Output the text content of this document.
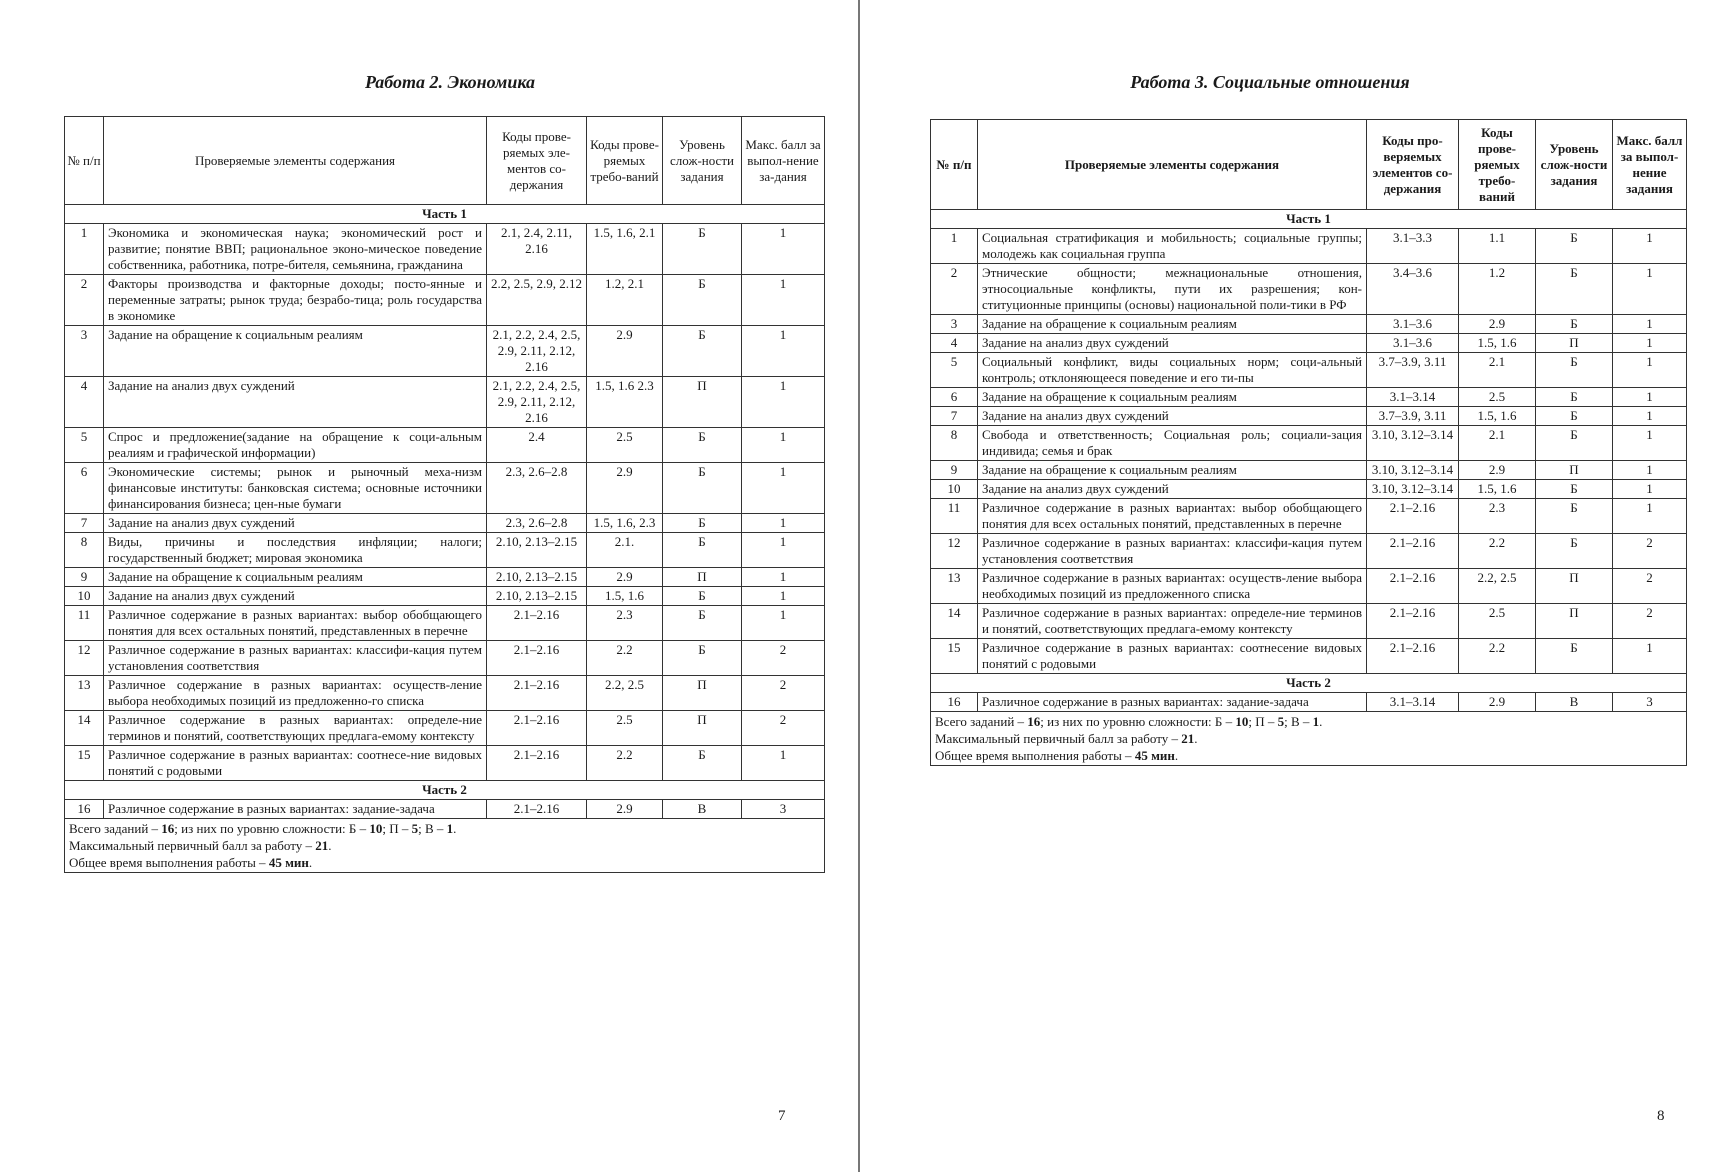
Работа 2. Экономика
№ п/п	Проверяемые элементы содержания	Коды прове-ряемых эле-ментов со-держания	Коды прове-ряемых требо-ваний	Уровень слож-ности задания	Макс. балл за выпол-нение за-дания
Часть 1					
1	Экономика и экономическая наука; экономический рост и развитие; понятие ВВП; рациональное эконо-мическое поведение собственника, работника, потре-бителя, семьянина, гражданина	2.1, 2.4, 2.11, 2.16	1.5, 1.6, 2.1	Б	1
2	Факторы производства и факторные доходы; посто-янные и переменные затраты; рынок труда; безрабо-тица; роль государства в экономике	2.2, 2.5, 2.9, 2.12	1.2, 2.1	Б	1
3	Задание на обращение к социальным реалиям	2.1, 2.2, 2.4, 2.5, 2.9, 2.11, 2.12, 2.16	2.9	Б	1
4	Задание на анализ двух суждений	2.1, 2.2, 2.4, 2.5, 2.9, 2.11, 2.12, 2.16	1.5, 1.6 2.3	П	1
5	Спрос и предложение(задание на обращение к соци-альным реалиям и графической информации)	2.4	2.5	Б	1
6	Экономические системы; рынок и рыночный меха-низм финансовые институты: банковская система; основные источники финансирования бизнеса; цен-ные бумаги	2.3, 2.6–2.8	2.9	Б	1
7	Задание на анализ двух суждений	2.3, 2.6–2.8	1.5, 1.6, 2.3	Б	1
8	Виды, причины и последствия инфляции; налоги; государственный бюджет; мировая экономика	2.10, 2.13–2.15	2.1.	Б	1
9	Задание на обращение к социальным реалиям	2.10, 2.13–2.15	2.9	П	1
10	Задание на анализ двух суждений	2.10, 2.13–2.15	1.5, 1.6	Б	1
11	Различное содержание в разных вариантах: выбор обобщающего понятия для всех остальных понятий, представленных в перечне	2.1–2.16	2.3	Б	1
12	Различное содержание в разных вариантах: классифи-кация путем установления соответствия	2.1–2.16	2.2	Б	2
13	Различное содержание в разных вариантах: осуществ-ление выбора необходимых позиций из предложенно-го списка	2.1–2.16	2.2, 2.5	П	2
14	Различное содержание в разных вариантах: определе-ние терминов и понятий, соответствующих предлага-емому контексту	2.1–2.16	2.5	П	2
15	Различное содержание в разных вариантах: соотнесе-ние видовых понятий с родовыми	2.1–2.16	2.2	Б	1
Часть 2					
16	Различное содержание в разных вариантах: задание-задача	2.1–2.16	2.9	В	3

Всего заданий – 16; из них по уровню сложности: Б – 10; П – 5; В – 1.
Максимальный первичный балл за работу – 21.
Общее время выполнения работы – 45 мин.					
7
Работа 3. Социальные отношения
№ п/п	Проверяемые элементы содержания	Коды про-веряемых элементов со-держания	Коды прове-ряемых требо-ваний	Уровень слож-ности задания	Макс. балл за выпол-нение задания
Часть 1					
1	Социальная стратификация и мобильность; социальные группы; молодежь как социальная группа	3.1–3.3	1.1	Б	1
2	Этнические общности; межнациональные отношения, этносоциальные конфликты, пути их разрешения; кон-ституционные принципы (основы) национальной поли-тики в РФ	3.4–3.6	1.2	Б	1
3	Задание на обращение к социальным реалиям	3.1–3.6	2.9	Б	1
4	Задание на анализ двух суждений	3.1–3.6	1.5, 1.6	П	1
5	Социальный конфликт, виды социальных норм; соци-альный контроль; отклоняющееся поведение и его ти-пы	3.7–3.9, 3.11	2.1	Б	1
6	Задание на обращение к социальным реалиям	3.1–3.14	2.5	Б	1
7	Задание на анализ двух суждений	3.7–3.9, 3.11	1.5, 1.6	Б	1
8	Свобода и ответственность; Социальная роль; социали-зация индивида; семья и брак	3.10, 3.12–3.14	2.1	Б	1
9	Задание на обращение к социальным реалиям	3.10, 3.12–3.14	2.9	П	1
10	Задание на анализ двух суждений	3.10, 3.12–3.14	1.5, 1.6	Б	1
11	Различное содержание в разных вариантах: выбор обобщающего понятия для всех остальных понятий, представленных в перечне	2.1–2.16	2.3	Б	1
12	Различное содержание в разных вариантах: классифи-кация путем установления соответствия	2.1–2.16	2.2	Б	2
13	Различное содержание в разных вариантах: осуществ-ление выбора необходимых позиций из предложенного списка	2.1–2.16	2.2, 2.5	П	2
14	Различное содержание в разных вариантах: определе-ние терминов и понятий, соответствующих предлага-емому контексту	2.1–2.16	2.5	П	2
15	Различное содержание в разных вариантах: соотнесение видовых понятий с родовыми	2.1–2.16	2.2	Б	1
Часть 2					
16	Различное содержание в разных вариантах: задание-задача	3.1–3.14	2.9	В	3

Всего заданий – 16; из них по уровню сложности: Б – 10; П – 5; В – 1.
Максимальный первичный балл за работу – 21.
Общее время выполнения работы – 45 мин.					
8
